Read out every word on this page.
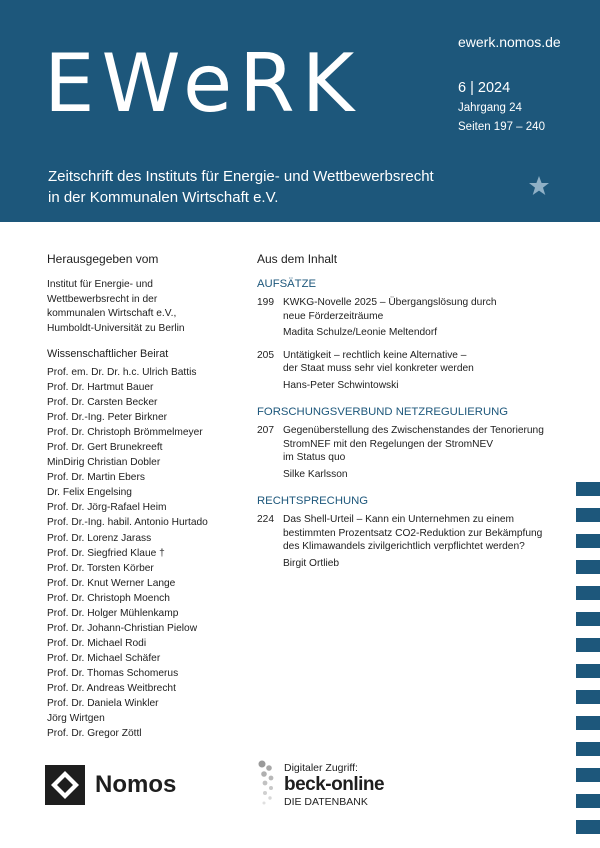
EWeRK	ewerk.nomos.de
6 | 2024
Jahrgang 24
Seiten 197 – 240
Zeitschrift des Instituts für Energie- und Wettbewerbsrecht
in der Kommunalen Wirtschaft e.V.
Herausgegeben vom
Institut für Energie- und
Wettbewerbsrecht in der
kommunalen Wirtschaft e.V.,
Humboldt-Universität zu Berlin
Wissenschaftlicher Beirat
Prof. em. Dr. Dr. h.c. Ulrich Battis
Prof. Dr. Hartmut Bauer
Prof. Dr. Carsten Becker
Prof. Dr.-Ing. Peter Birkner
Prof. Dr. Christoph Brömmelmeyer
Prof. Dr. Gert Brunekreeft
MinDirig Christian Dobler
Prof. Dr. Martin Ebers
Dr. Felix Engelsing
Prof. Dr. Jörg-Rafael Heim
Prof. Dr.-Ing. habil. Antonio Hurtado
Prof. Dr. Lorenz Jarass
Prof. Dr. Siegfried Klaue †
Prof. Dr. Torsten Körber
Prof. Dr. Knut Werner Lange
Prof. Dr. Christoph Moench
Prof. Dr. Holger Mühlenkamp
Prof. Dr. Johann-Christian Pielow
Prof. Dr. Michael Rodi
Prof. Dr. Michael Schäfer
Prof. Dr. Thomas Schomerus
Prof. Dr. Andreas Weitbrecht
Prof. Dr. Daniela Winkler
Jörg Wirtgen
Prof. Dr. Gregor Zöttl
Aus dem Inhalt
AUFSÄTZE
199 KWKG-Novelle 2025 – Übergangslösung durch
neue Förderzeiträume
Madita Schulze/Leonie Meltendorf
205 Untätigkeit – rechtlich keine Alternative –
der Staat muss sehr viel konkreter werden
Hans-Peter Schwintowski
FORSCHUNGSVERBUND NETZREGULIERUNG
207 Gegenüberstellung des Zwischenstandes der Tenorierung
StromNEF mit den Regelungen der StromNEV
im Status quo
Silke Karlsson
RECHTSPRECHUNG
224 Das Shell-Urteil – Kann ein Unternehmen zu einem
bestimmten Prozentsatz CO2-Reduktion zur Bekämpfung
des Klimawandels zivilgerichtlich verpflichtet werden?
Birgit Ortlieb
Nomos
Digitaler Zugriff:
beck-online
DIE DATENBANK
